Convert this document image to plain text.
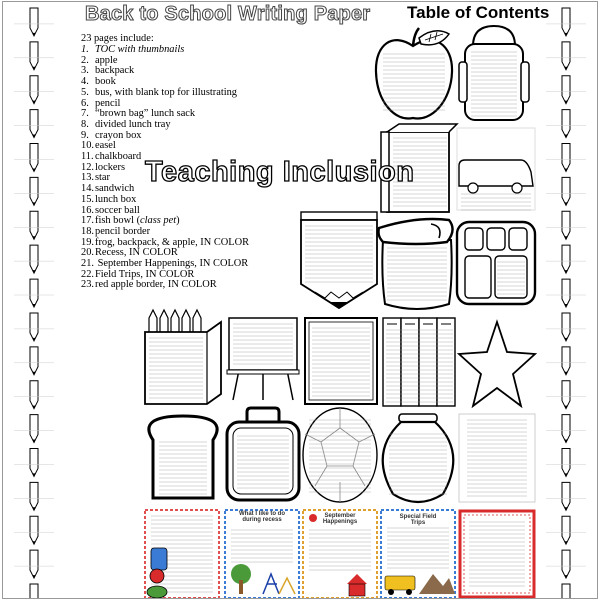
Back to School Writing Paper Table of Contents
23 pages include:
1. TOC with thumbnails
2. apple
3. backpack
4. book
5. bus, with blank top for illustrating
6. pencil
7. “brown bag” lunch sack
8. divided lunch tray
9. crayon box
10.easel
11.chalkboard
12.lockers
13.star
14.sandwich
15.lunch box
16.soccer ball
17.fish bowl (class pet)
18.pencil border
19.frog, backpack, & apple, IN COLOR
20.Recess, IN COLOR
21. September Happenings, IN COLOR
22.Field Trips, IN COLOR
23.red apple border, IN COLOR
What I like to do during recess
September Happenings
Special Field Trips
Teaching Inclusion
